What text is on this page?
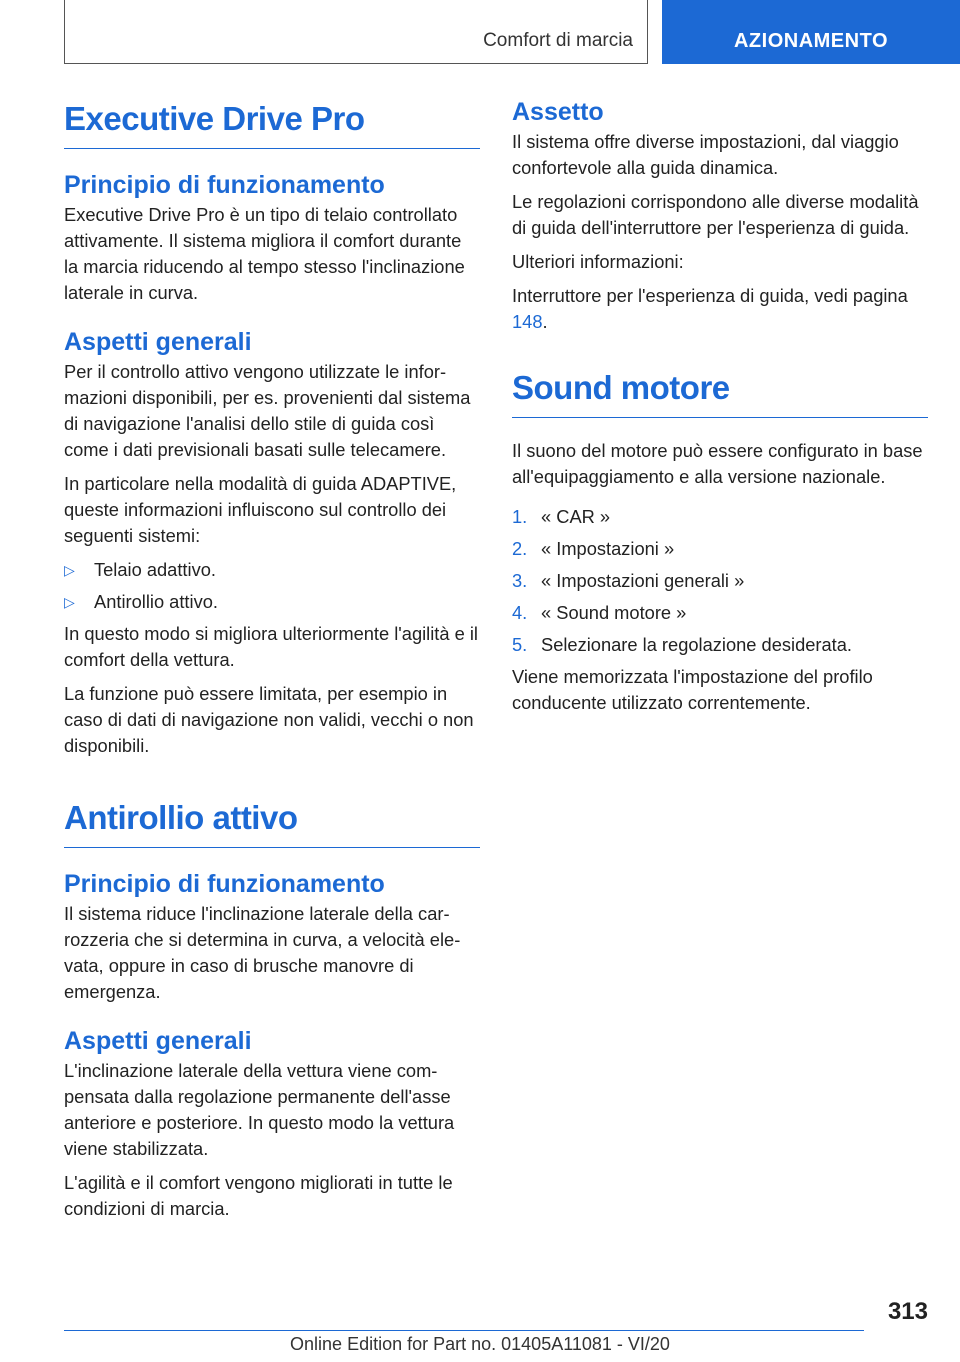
Comfort di marcia	AZIONAMENTO
Executive Drive Pro
Principio di funzionamento

Executive Drive Pro è un tipo di telaio controllato attivamente. Il sistema migliora il comfort durante la marcia riducendo al tempo stesso l'inclinazione laterale in curva.

Aspetti generali

Per il controllo attivo vengono utilizzate le informazioni disponibili, per es. provenienti dal sistema di navigazione l'analisi dello stile di guida così come i dati previsionali basati sulle telecamere.

In particolare nella modalità di guida ADAPTIVE, queste informazioni influiscono sul controllo dei seguenti sistemi:

▷	Telaio adattivo.
▷	Antirollio attivo.

In questo modo si migliora ulteriormente l'agilità e il comfort della vettura.

La funzione può essere limitata, per esempio in caso di dati di navigazione non validi, vecchi o non disponibili.

Antirollio attivo
Principio di funzionamento

Il sistema riduce l'inclinazione laterale della carrozzeria che si determina in curva, a velocità elevata, oppure in caso di brusche manovre di emergenza.

Aspetti generali

L'inclinazione laterale della vettura viene compensata dalla regolazione permanente dell'asse anteriore e posteriore. In questo modo la vettura viene stabilizzata.

L'agilità e il comfort vengono migliorati in tutte le condizioni di marcia.

Assetto

Il sistema offre diverse impostazioni, dal viaggio confortevole alla guida dinamica.

Le regolazioni corrispondono alle diverse modalità di guida dell'interruttore per l'esperienza di guida.

Ulteriori informazioni:

Interruttore per l'esperienza di guida, vedi pagina 148.

Sound motore

Il suono del motore può essere configurato in base all'equipaggiamento e alla versione nazionale.

1. « CAR »
2. « Impostazioni »
3. « Impostazioni generali »
4. « Sound motore »
5. Selezionare la regolazione desiderata.

Viene memorizzata l'impostazione del profilo conducente utilizzato correntemente.

313
Online Edition for Part no. 01405A11081 - VI/20
